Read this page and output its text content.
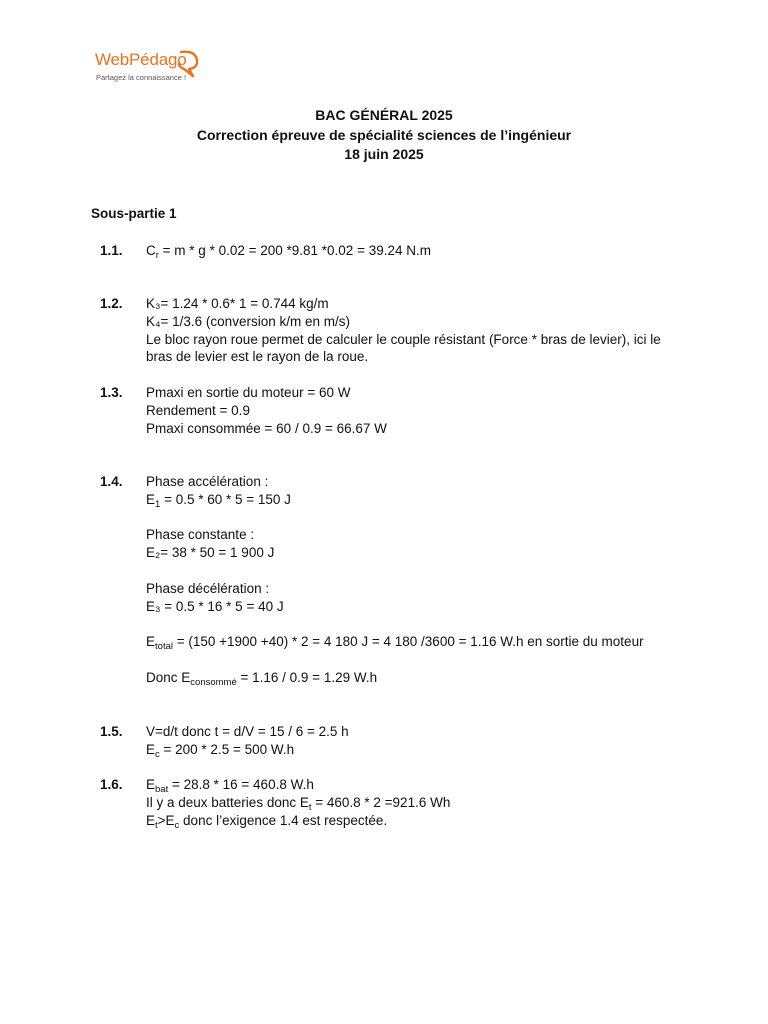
WebPédago
Partagez la connaissance !
BAC GÉNÉRAL 2025
Correction épreuve de spécialité sciences de l’ingénieur
18 juin 2025
Sous-partie 1
1.1. $C_r = m * g * 0.02 = 200$ *9.81 *0.02 = 39.24 N.m
1.2. K₃= 1.24 * 0.6* 1 = 0.744 kg/m
K₄= 1/3.6 (conversion k/m en m/s)
Le bloc rayon roue permet de calculer le couple résistant (Force * bras de levier), ici le bras de levier est le rayon de la roue.
1.3. Pmaxi en sortie du moteur = 60 W
Rendement = 0.9
Pmaxi consommée = 60 / 0.9 = 66.67 W
1.4. Phase accélération :
$E_1 = 0.5 * 60 * 5 = 150$ J
Phase constante :
E₂= 38 * 50 = 1 900 J
Phase décélération :
E₃ = 0.5 * 16 * 5 = 40 J
$E_{total} = (150 +1900 +40) * 2 = 4$ 180 J = 4 180 /3600 = 1.16 W.h en sortie du moteur
Donc $E_{consommé} = 1.16 / 0.9 = 1.29$ W.h
1.5. V=d/t donc t = d/V = 15 / 6 = 2.5 h
$E_c = 200 * 2.5 = 500$ W.h
1.6. $E_{bat} = 28.8 * 16 = 460.8$ W.h
Il y a deux batteries donc $E_t = 460.8 * 2 =921.6$ Wh
$E_t>E_c$ donc l’exigence 1.4 est respectée.
